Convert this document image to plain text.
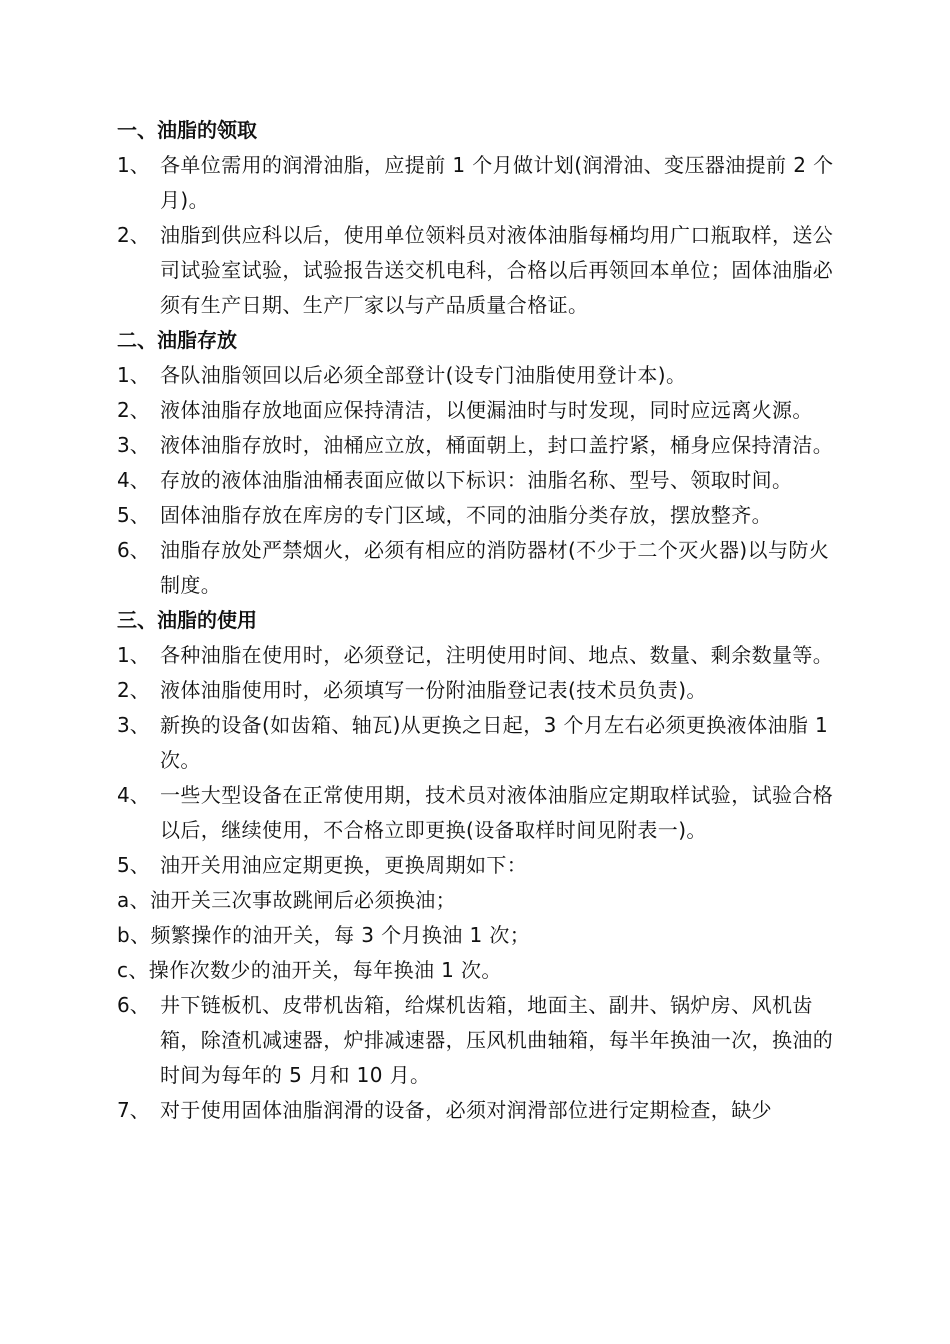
一、油脂的领取
1、 各单位需用的润滑油脂，应提前 1 个月做计划(润滑油、变压器油提前 2 个月)。
2、 油脂到供应科以后，使用单位领料员对液体油脂每桶均用广口瓶取样，送公司试验室试验，试验报告送交机电科，合格以后再领回本单位；固体油脂必须有生产日期、生产厂家以与产品质量合格证。
二、油脂存放
1、 各队油脂领回以后必须全部登计(设专门油脂使用登计本)。
2、 液体油脂存放地面应保持清洁，以便漏油时与时发现，同时应远离火源。
3、 液体油脂存放时，油桶应立放，桶面朝上，封口盖拧紧，桶身应保持清洁。
4、 存放的液体油脂油桶表面应做以下标识：油脂名称、型号、领取时间。
5、 固体油脂存放在库房的专门区域，不同的油脂分类存放，摆放整齐。
6、 油脂存放处严禁烟火，必须有相应的消防器材(不少于二个灭火器)以与防火制度。
三、油脂的使用
1、 各种油脂在使用时，必须登记，注明使用时间、地点、数量、剩余数量等。
2、 液体油脂使用时，必须填写一份附油脂登记表(技术员负责)。
3、 新换的设备(如齿箱、轴瓦)从更换之日起，3 个月左右必须更换液体油脂 1 次。
4、 一些大型设备在正常使用期，技术员对液体油脂应定期取样试验，试验合格以后，继续使用，不合格立即更换(设备取样时间见附表一)。
5、 油开关用油应定期更换，更换周期如下：
a、油开关三次事故跳闸后必须换油；
b、频繁操作的油开关，每 3 个月换油 1 次；
c、操作次数少的油开关，每年换油 1 次。
6、 井下链板机、皮带机齿箱，给煤机齿箱，地面主、副井、锅炉房、风机齿箱，除渣机减速器，炉排减速器，压风机曲轴箱，每半年换油一次，换油的时间为每年的 5 月和 10 月。
7、 对于使用固体油脂润滑的设备，必须对润滑部位进行定期检查，缺少
